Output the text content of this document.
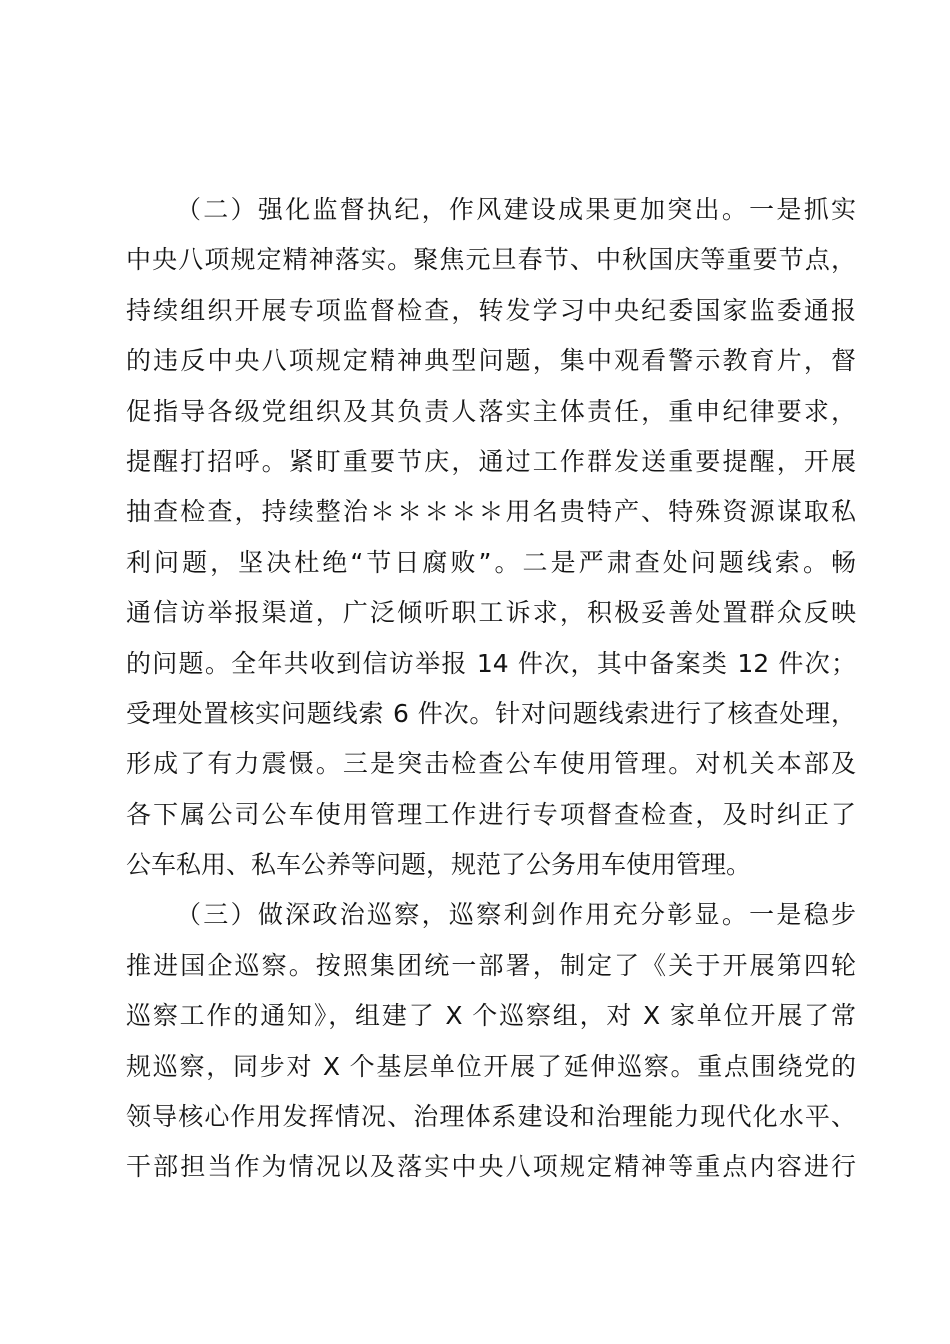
（二）强化监督执纪，作风建设成果更加突出。一是抓实
中央八项规定精神落实。聚焦元旦春节、中秋国庆等重要节点，
持续组织开展专项监督检查，转发学习中央纪委国家监委通报
的违反中央八项规定精神典型问题，集中观看警示教育片，督
促指导各级党组织及其负责人落实主体责任，重申纪律要求，
提醒打招呼。紧盯重要节庆，通过工作群发送重要提醒，开展
抽查检查，持续整治＊＊＊＊＊用名贵特产、特殊资源谋取私
利问题，坚决杜绝“节日腐败”。二是严肃查处问题线索。畅
通信访举报渠道，广泛倾听职工诉求，积极妥善处置群众反映
的问题。全年共收到信访举报 14 件次，其中备案类 12 件次；
受理处置核实问题线索 6 件次。针对问题线索进行了核查处理，
形成了有力震慑。三是突击检查公车使用管理。对机关本部及
各下属公司公车使用管理工作进行专项督查检查，及时纠正了
公车私用、私车公养等问题，规范了公务用车使用管理。
（三）做深政治巡察，巡察利剑作用充分彰显。一是稳步
推进国企巡察。按照集团统一部署，制定了《关于开展第四轮
巡察工作的通知》，组建了 X 个巡察组，对 X 家单位开展了常
规巡察，同步对 X 个基层单位开展了延伸巡察。重点围绕党的
领导核心作用发挥情况、治理体系建设和治理能力现代化水平、
干部担当作为情况以及落实中央八项规定精神等重点内容进行
